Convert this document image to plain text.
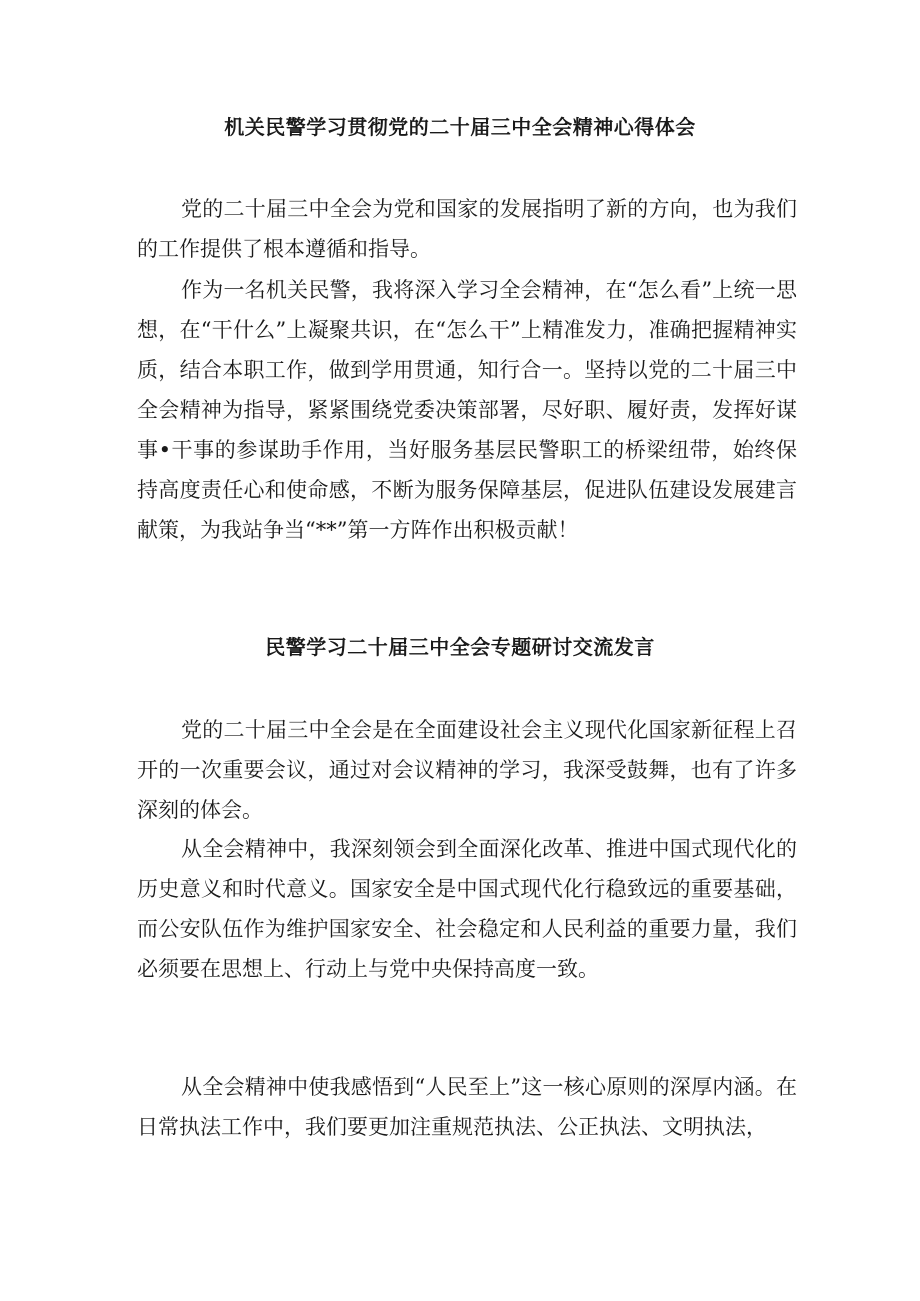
机关民警学习贯彻党的二十届三中全会精神心得体会

党的二十届三中全会为党和国家的发展指明了新的方向，也为我们的工作提供了根本遵循和指导。

作为一名机关民警，我将深入学习全会精神，在“怎么看”上统一思想，在“干什么”上凝聚共识，在“怎么干”上精准发力，准确把握精神实质，结合本职工作，做到学用贯通，知行合一。坚持以党的二十届三中全会精神为指导，紧紧围绕党委决策部署，尽好职、履好责，发挥好谋事•干事的参谋助手作用，当好服务基层民警职工的桥梁纽带，始终保持高度责任心和使命感，不断为服务保障基层，促进队伍建设发展建言献策，为我站争当“**”第一方阵作出积极贡献！

民警学习二十届三中全会专题研讨交流发言

党的二十届三中全会是在全面建设社会主义现代化国家新征程上召开的一次重要会议，通过对会议精神的学习，我深受鼓舞，也有了许多深刻的体会。

从全会精神中，我深刻领会到全面深化改革、推进中国式现代化的历史意义和时代意义。国家安全是中国式现代化行稳致远的重要基础，而公安队伍作为维护国家安全、社会稳定和人民利益的重要力量，我们必须要在思想上、行动上与党中央保持高度一致。

从全会精神中使我感悟到“人民至上”这一核心原则的深厚内涵。在日常执法工作中，我们要更加注重规范执法、公正执法、文明执法，
